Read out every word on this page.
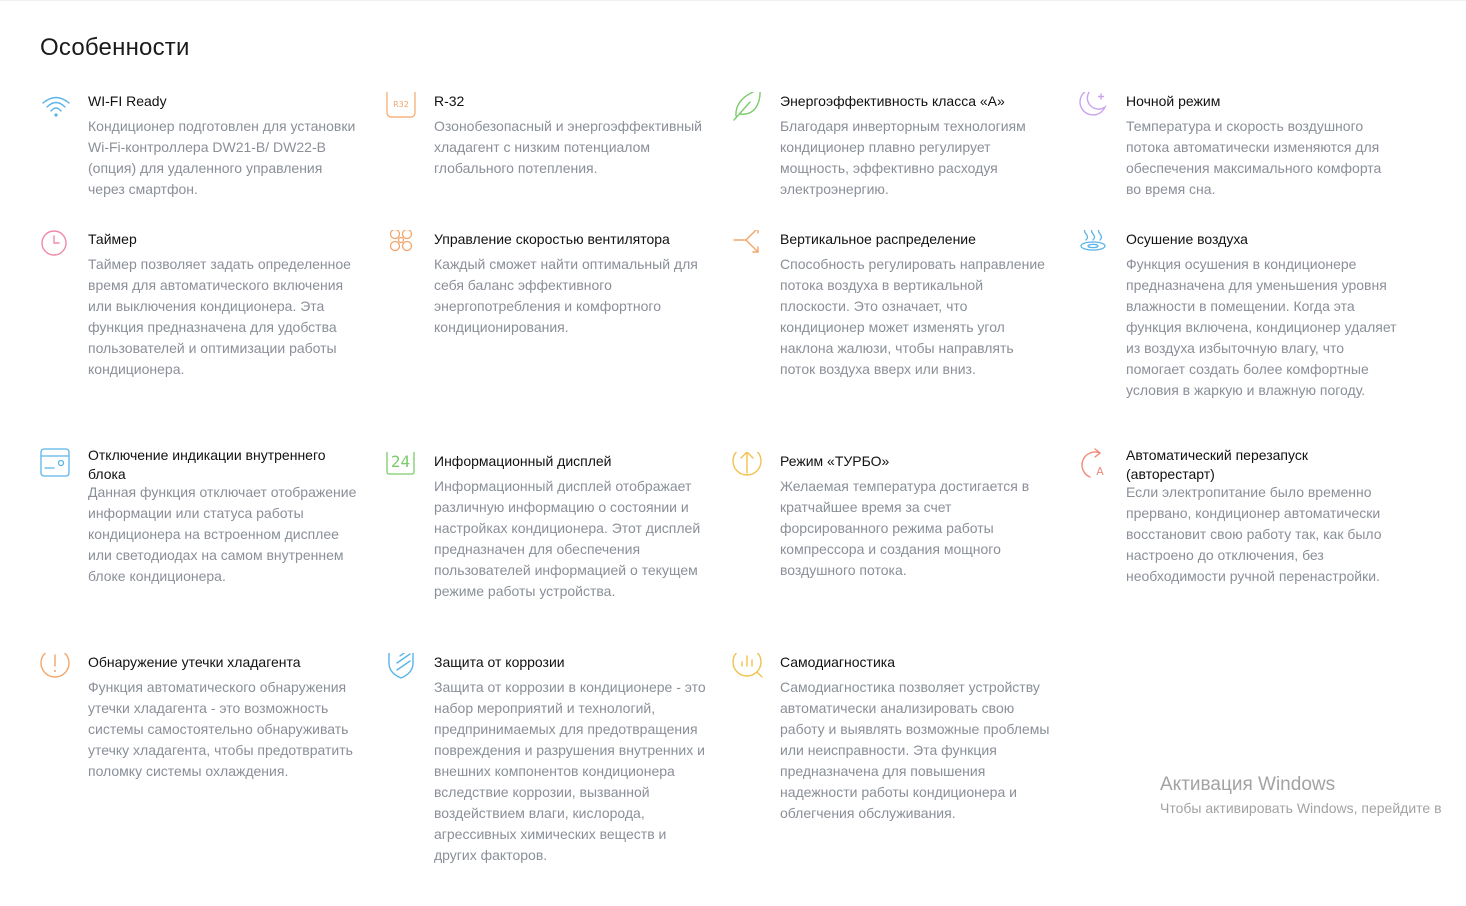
Особенности
WI-FI Ready
Кондиционер подготовлен для установки Wi-Fi-контроллера DW21-B/ DW22-B (опция) для удаленного управления через смартфон.
R32 R-32
Озонобезопасный и энергоэффективный хладагент с низким потенциалом глобального потепления.
Энергоэффективность класса «А»
Благодаря инверторным технологиям кондиционер плавно регулирует мощность, эффективно расходуя электроэнергию.
Ночной режим
Температура и скорость воздушного потока автоматически изменяются для обеспечения максимального комфорта во время сна.
Таймер
Таймер позволяет задать определенное время для автоматического включения или выключения кондиционера. Эта функция предназначена для удобства пользователей и оптимизации работы кондиционера.
Управление скоростью вентилятора
Каждый сможет найти оптимальный для себя баланс эффективного энергопотребления и комфортного кондиционирования.
Вертикальное распределение
Способность регулировать направление потока воздуха в вертикальной плоскости. Это означает, что кондиционер может изменять угол наклона жалюзи, чтобы направлять поток воздуха вверх или вниз.
Осушение воздуха
Функция осушения в кондиционере предназначена для уменьшения уровня влажности в помещении. Когда эта функция включена, кондиционер удаляет из воздуха избыточную влагу, что помогает создать более комфортные условия в жаркую и влажную погоду.
Отключение индикации внутреннего блока
Данная функция отключает отображение информации или статуса работы кондиционера на встроенном дисплее или светодиодах на самом внутреннем блоке кондиционера.
24 Информационный дисплей
Информационный дисплей отображает различную информацию о состоянии и настройках кондиционера. Этот дисплей предназначен для обеспечения пользователей информацией о текущем режиме работы устройства.
Режим «ТУРБО»
Желаемая температура достигается в кратчайшее время за счет форсированного режима работы компрессора и создания мощного воздушного потока.
A
Автоматический перезапуск (авторестарт)
Если электропитание было временно прервано, кондиционер автоматически восстановит свою работу так, как было настроено до отключения, без необходимости ручной перенастройки.
Обнаружение утечки хладагента
Функция автоматического обнаружения утечки хладагента - это возможность системы самостоятельно обнаруживать утечку хладагента, чтобы предотвратить поломку системы охлаждения.
Защита от коррозии
Защита от коррозии в кондиционере - это набор мероприятий и технологий, предпринимаемых для предотвращения повреждения и разрушения внутренних и внешних компонентов кондиционера вследствие коррозии, вызванной воздействием влаги, кислорода, агрессивных химических веществ и других факторов.
Самодиагностика
Самодиагностика позволяет устройству автоматически анализировать свою работу и выявлять возможные проблемы или неисправности. Эта функция предназначена для повышения надежности работы кондиционера и облегчения обслуживания.
Активация Windows
Чтобы активировать Windows, перейдите в
